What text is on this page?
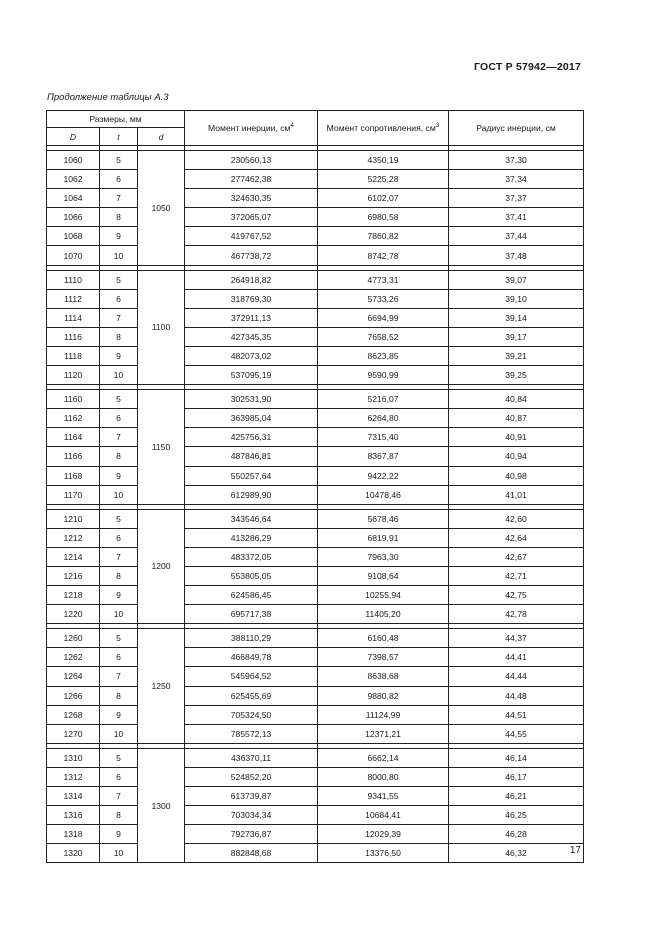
ГОСТ Р 57942—2017
Продолжение таблицы А.3
Размеры, мм			Момент инерции, $см^4$	Момент сопротивления, $см^3$	Радиус инерции, см
D	t	d			

1060	5	1050	230560,13	4350,19	37,30
1062	6		277462,38	5225,28	37,34
1064	7		324630,35	6102,07	37,37
1066	8		372065,07	6980,58	37,41
1068	9		419767,52	7860,82	37,44
1070	10		467738,72	8742,78	37,48

1110	5	1100	264918,82	4773,31	39,07
1112	6		318769,30	5733,26	39,10
1114	7		372911,13	6694,99	39,14
1116	8		427345,35	7658,52	39,17
1118	9		482073,02	8623,85	39,21
1120	10		537095,19	9590,99	39,25

1160	5	1150	302531,90	5216,07	40,84
1162	6		363985,04	6264,80	40,87
1164	7		425756,31	7315,40	40,91
1166	8		487846,81	8367,87	40,94
1168	9		550257,64	9422,22	40,98
1170	10		612989,90	10478,46	41,01

1210	5	1200	343546,64	5678,46	42,60
1212	6		413286,29	6819,91	42,64
1214	7		483372,05	7963,30	42,67
1216	8		553805,05	9108,64	42,71
1218	9		624586,45	10255,94	42,75
1220	10		695717,38	11405,20	42,78

1260	5	1250	388110,29	6160,48	44,37
1262	6		466849,78	7398,57	44,41
1264	7		545964,52	8638,68	44,44
1266	8		625455,69	9880,82	44,48
1268	9		705324,50	11124,99	44,51
1270	10		785572,13	12371,21	44,55

1310	5	1300	436370,11	6662,14	46,14
1312	6		524852,20	8000,80	46,17
1314	7		613739,87	9341,55	46,21
1316	8		703034,34	10684,41	46,25
1318	9		792736,87	12029,39	46,28
1320	10		882848,68	13376,50	46,32	17
